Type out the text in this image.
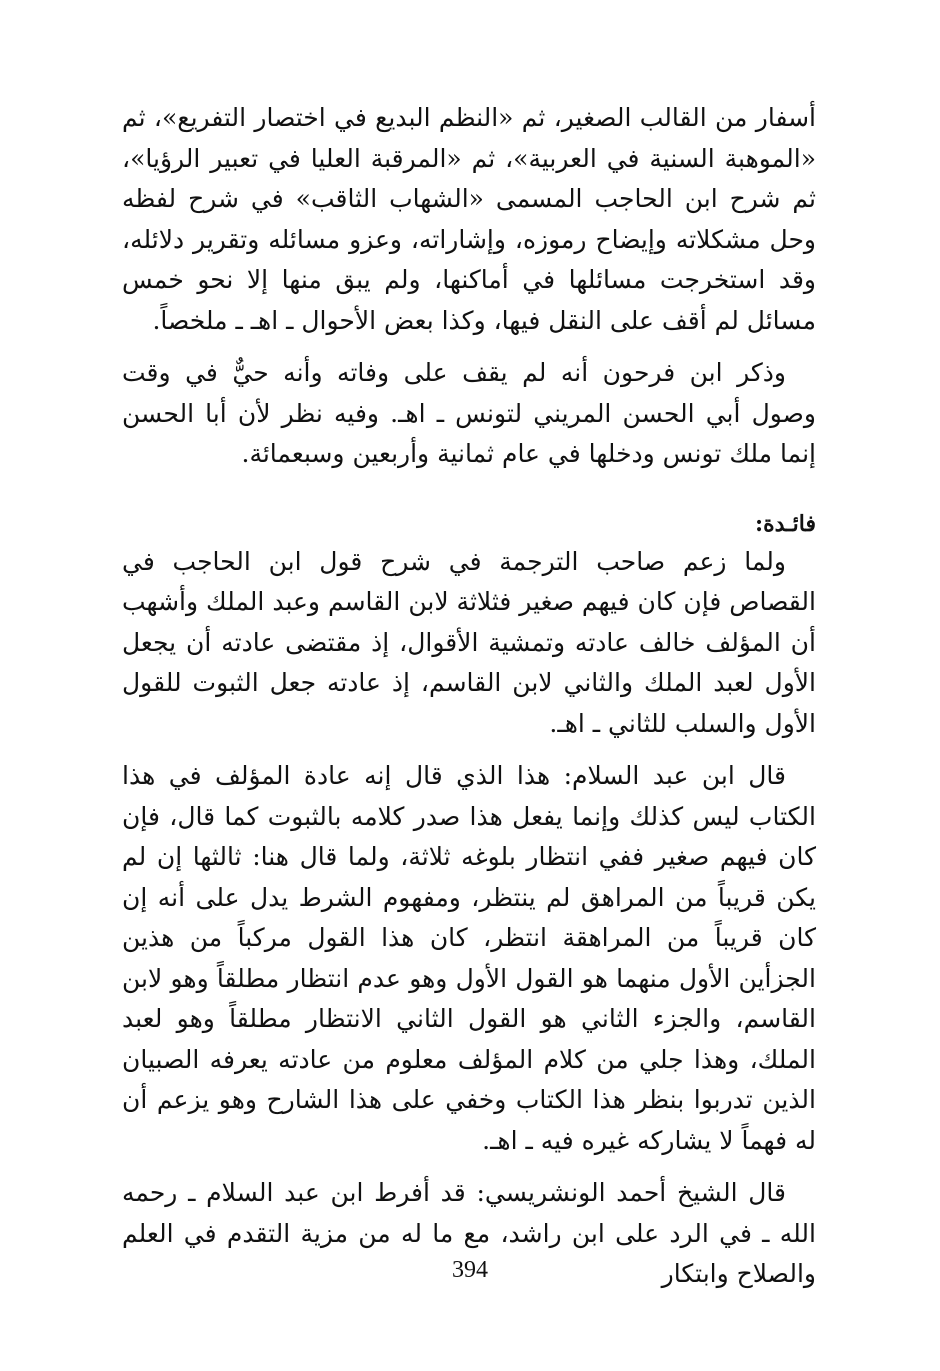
أسفار من القالب الصغير، ثم «النظم البديع في اختصار التفريع»، ثم «الموهبة السنية في العربية»، ثم «المرقبة العليا في تعبير الرؤيا»، ثم شرح ابن الحاجب المسمى «الشهاب الثاقب» في شرح لفظه وحل مشكلاته وإيضاح رموزه، وإشاراته، وعزو مسائله وتقرير دلائله، وقد استخرجت مسائلها في أماكنها، ولم يبق منها إلا نحو خمس مسائل لم أقف على النقل فيها، وكذا بعض الأحوال ـ اهـ ـ ملخصاً.

وذكر ابن فرحون أنه لم يقف على وفاته وأنه حيٌّ في وقت وصول أبي الحسن المريني لتونس ـ اهـ. وفيه نظر لأن أبا الحسن إنما ملك تونس ودخلها في عام ثمانية وأربعين وسبعمائة.

فائـدة:

ولما زعم صاحب الترجمة في شرح قول ابن الحاجب في القصاص فإن كان فيهم صغير فثلاثة لابن القاسم وعبد الملك وأشهب أن المؤلف خالف عادته وتمشية الأقوال، إذ مقتضى عادته أن يجعل الأول لعبد الملك والثاني لابن القاسم، إذ عادته جعل الثبوت للقول الأول والسلب للثاني ـ اهـ.

قال ابن عبد السلام: هذا الذي قال إنه عادة المؤلف في هذا الكتاب ليس كذلك وإنما يفعل هذا صدر كلامه بالثبوت كما قال، فإن كان فيهم صغير ففي انتظار بلوغه ثلاثة، ولما قال هنا: ثالثها إن لم يكن قريباً من المراهق لم ينتظر، ومفهوم الشرط يدل على أنه إن كان قريباً من المراهقة انتظر، كان هذا القول مركباً من هذين الجزأين الأول منهما هو القول الأول وهو عدم انتظار مطلقاً وهو لابن القاسم، والجزء الثاني هو القول الثاني الانتظار مطلقاً وهو لعبد الملك، وهذا جلي من كلام المؤلف معلوم من عادته يعرفه الصبيان الذين تدربوا بنظر هذا الكتاب وخفي على هذا الشارح وهو يزعم أن له فهماً لا يشاركه غيره فيه ـ اهـ.

قال الشيخ أحمد الونشريسي: قد أفرط ابن عبد السلام ـ رحمه الله ـ في الرد على ابن راشد، مع ما له من مزية التقدم في العلم والصلاح وابتكار

394
